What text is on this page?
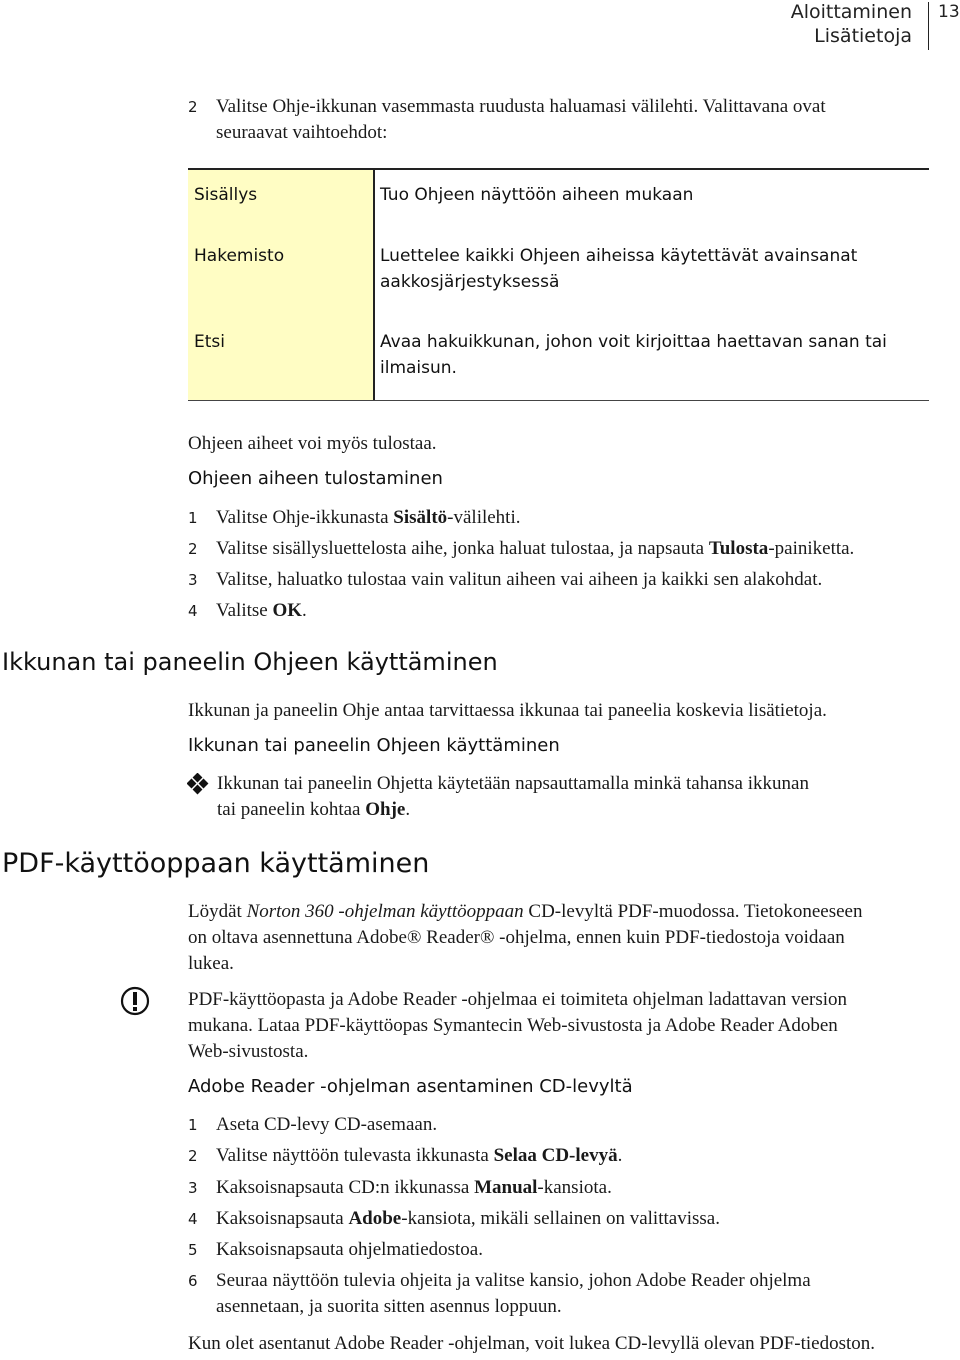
Aloittaminen
Lisätietoja
13
2 Valitse Ohje-ikkunan vasemmasta ruudusta haluamasi välilehti. Valittavana ovat
seuraavat vaihtoehdot:
Sisällys	Tuo Ohjeen näyttöön aiheen mukaan
Hakemisto	Luettelee kaikki Ohjeen aiheissa käytettävät avainsanat
aakkosjärjestyksessä
Etsi	Avaa hakuikkunan, johon voit kirjoittaa haettavan sanan tai
ilmaisun.
Ohjeen aiheet voi myös tulostaa.
Ohjeen aiheen tulostaminen
1 Valitse Ohje-ikkunasta Sisältö-välilehti.
2 Valitse sisällysluettelosta aihe, jonka haluat tulostaa, ja napsauta Tulosta-painiketta.
3 Valitse, haluatko tulostaa vain valitun aiheen vai aiheen ja kaikki sen alakohdat.
4 Valitse OK.
Ikkunan tai paneelin Ohjeen käyttäminen
Ikkunan ja paneelin Ohje antaa tarvittaessa ikkunaa tai paneelia koskevia lisätietoja.
Ikkunan tai paneelin Ohjeen käyttäminen
Ikkunan tai paneelin Ohjetta käytetään napsauttamalla minkä tahansa ikkunan
tai paneelin kohtaa Ohje.
PDF-käyttöoppaan käyttäminen
Löydät Norton 360 -ohjelman käyttöoppaan CD-levyltä PDF-muodossa. Tietokoneeseen
on oltava asennettuna Adobe® Reader® -ohjelma, ennen kuin PDF-tiedostoja voidaan
lukea.
PDF-käyttöopasta ja Adobe Reader -ohjelmaa ei toimiteta ohjelman ladattavan version
mukana. Lataa PDF-käyttöopas Symantecin Web-sivustosta ja Adobe Reader Adoben
Web-sivustosta.
Adobe Reader -ohjelman asentaminen CD-levyltä
1 Aseta CD-levy CD-asemaan.
2 Valitse näyttöön tulevasta ikkunasta Selaa CD-levyä.
3 Kaksoisnapsauta CD:n ikkunassa Manual-kansiota.
4 Kaksoisnapsauta Adobe-kansiota, mikäli sellainen on valittavissa.
5 Kaksoisnapsauta ohjelmatiedostoa.
6 Seuraa näyttöön tulevia ohjeita ja valitse kansio, johon Adobe Reader ohjelma
asennetaan, ja suorita sitten asennus loppuun.
Kun olet asentanut Adobe Reader -ohjelman, voit lukea CD-levyllä olevan PDF-tiedoston.
